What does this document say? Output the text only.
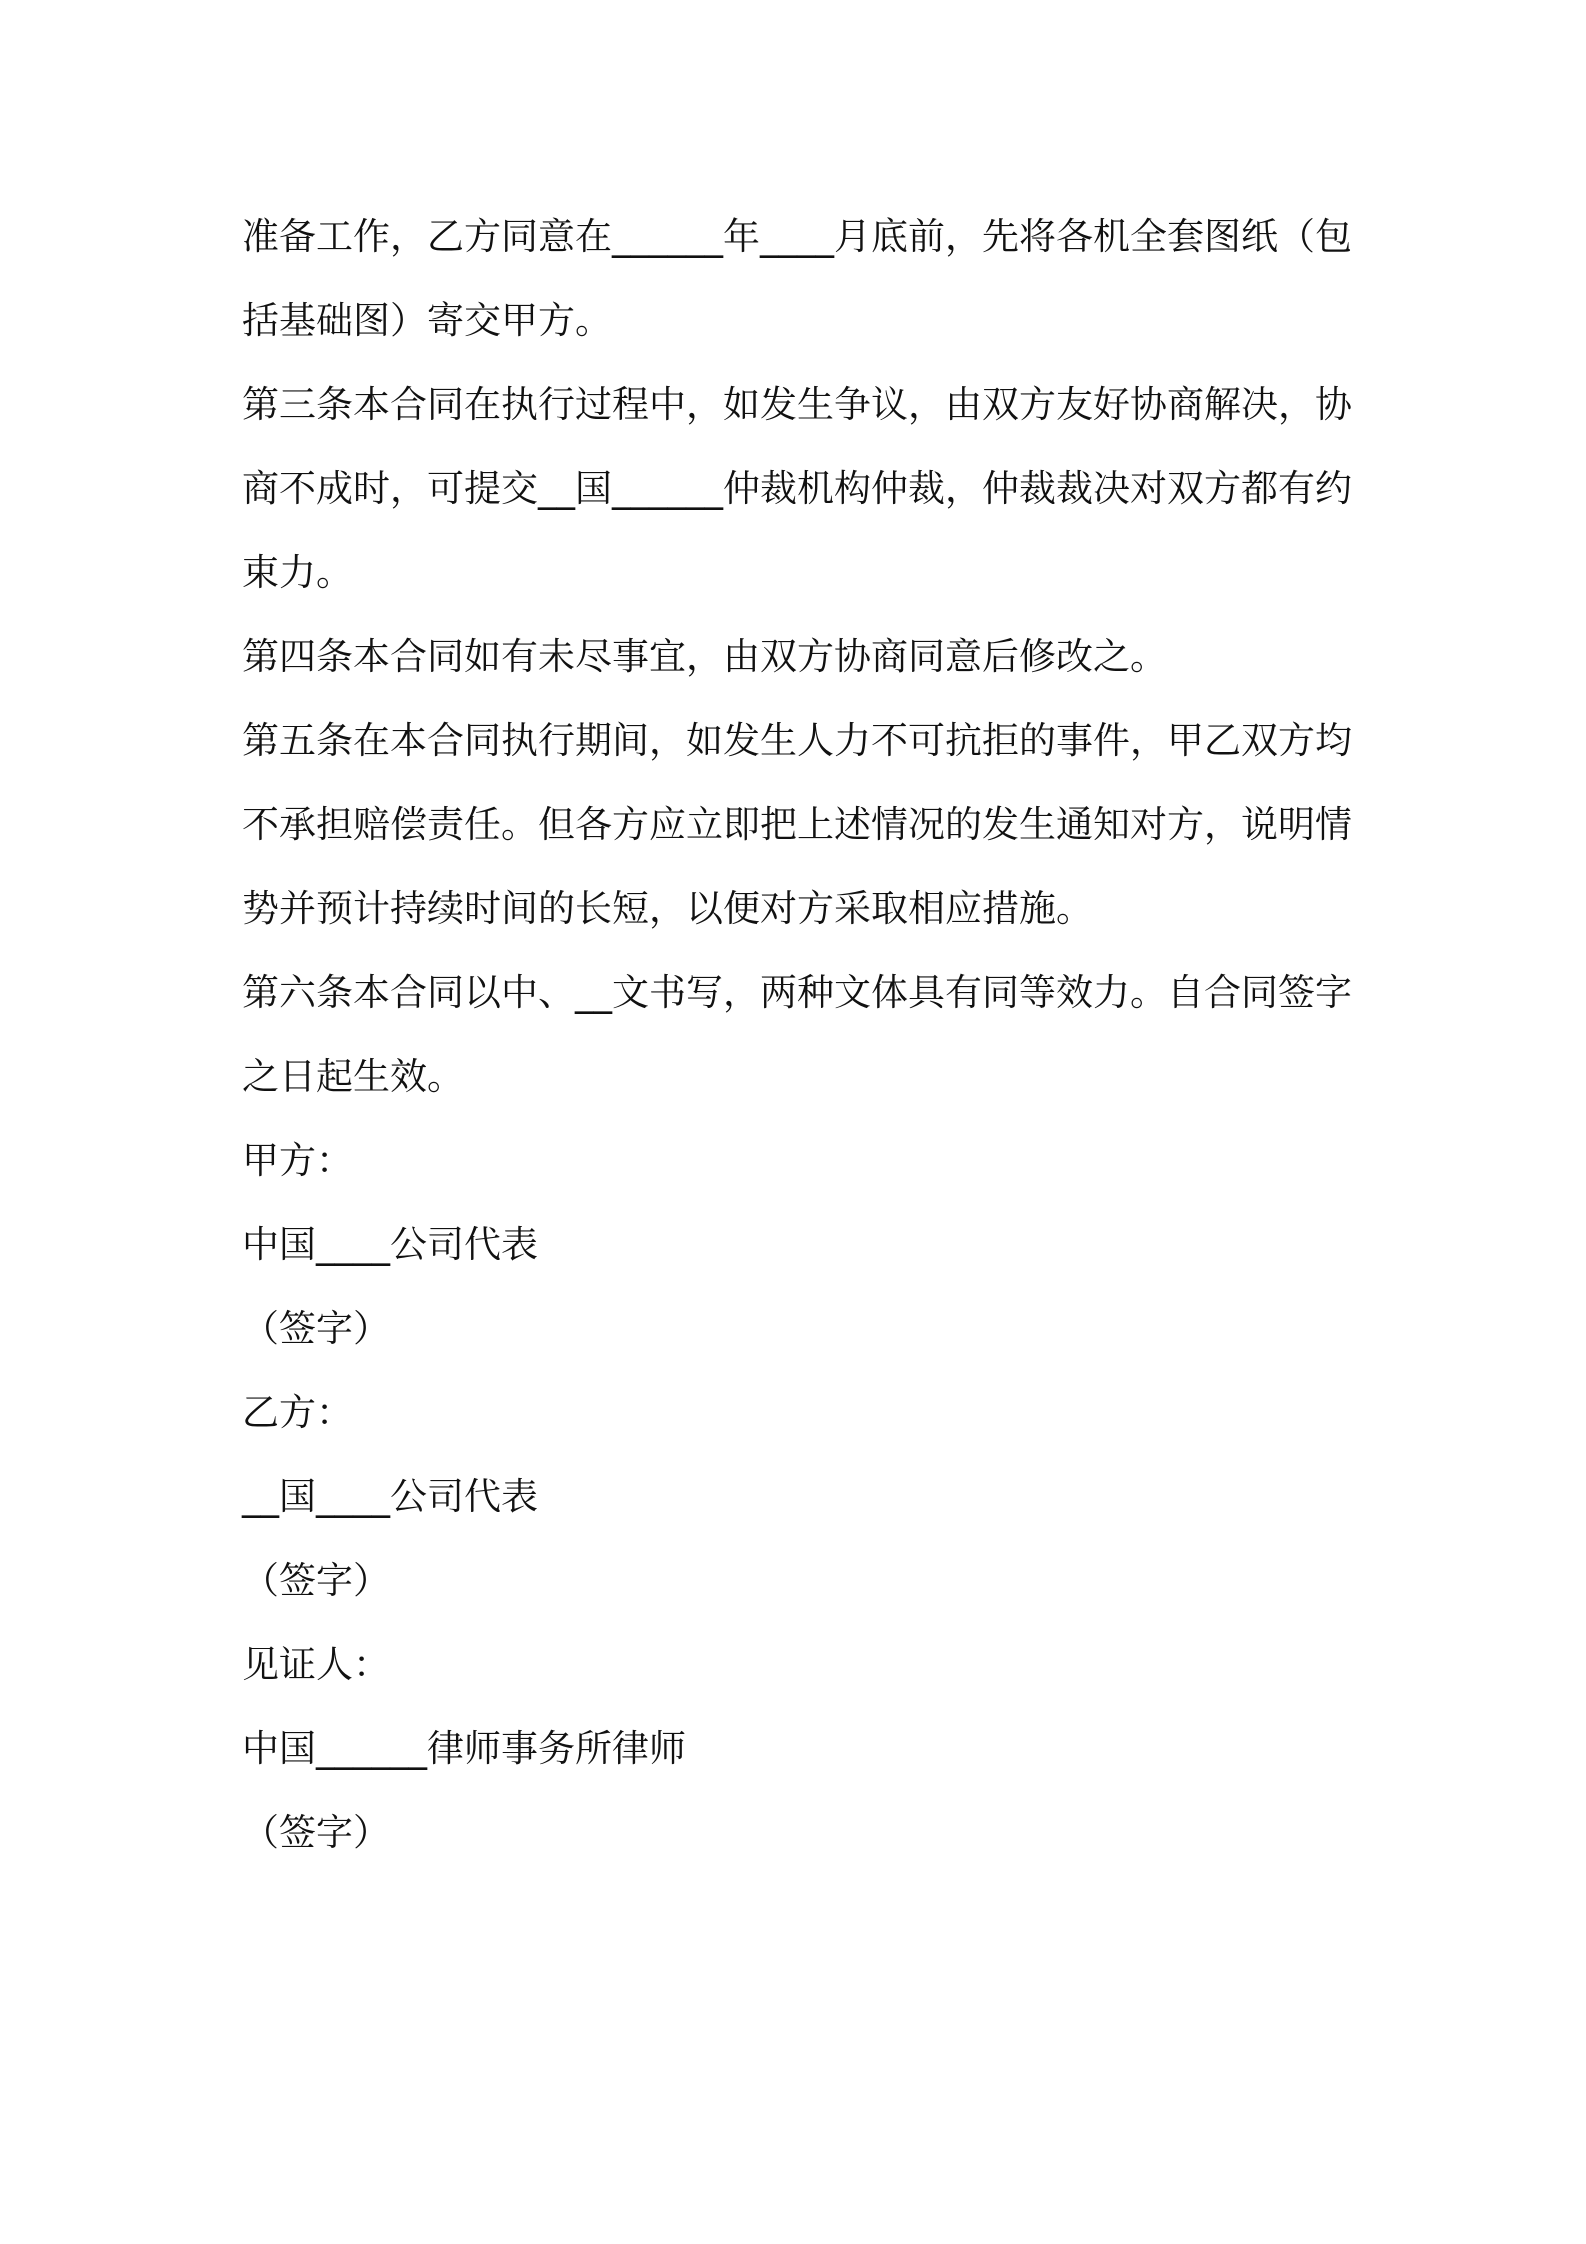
准备工作，乙方同意在______年____月底前，先将各机全套图纸（包
括基础图）寄交甲方。
第三条本合同在执行过程中，如发生争议，由双方友好协商解决，协
商不成时，可提交__国______仲裁机构仲裁，仲裁裁决对双方都有约
束力。
第四条本合同如有未尽事宜，由双方协商同意后修改之。
第五条在本合同执行期间，如发生人力不可抗拒的事件，甲乙双方均
不承担赔偿责任。但各方应立即把上述情况的发生通知对方，说明情
势并预计持续时间的长短，以便对方采取相应措施。
第六条本合同以中、__文书写，两种文体具有同等效力。自合同签字
之日起生效。
甲方：
中国____公司代表
（签字）
乙方：
__国____公司代表
（签字）
见证人：
中国______律师事务所律师
（签字）
